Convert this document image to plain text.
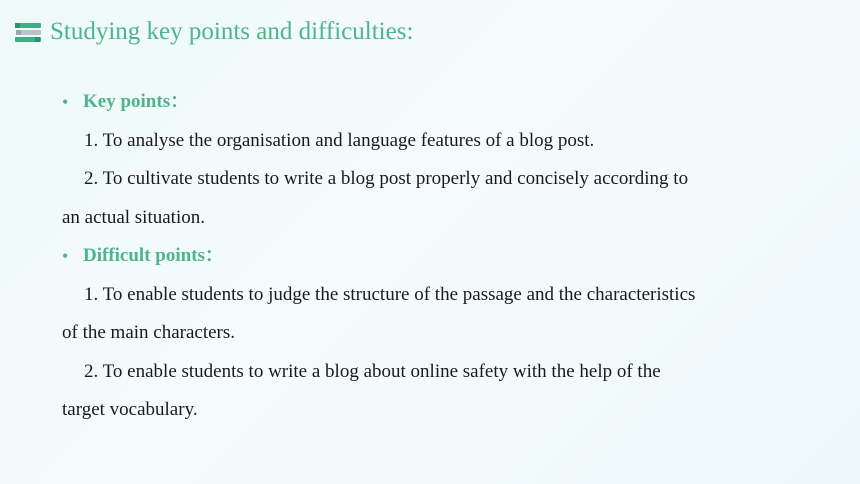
Studying key points and difficulties:
• Key points：
1. To analyse the organisation and language features of a blog post.
2. To cultivate students to write a blog post properly and concisely according to
an actual situation.
• Difficult points：
1. To enable students to judge the structure of the passage and the characteristics
of the main characters.
2. To enable students to write a blog about online safety with the help of the
target vocabulary.
